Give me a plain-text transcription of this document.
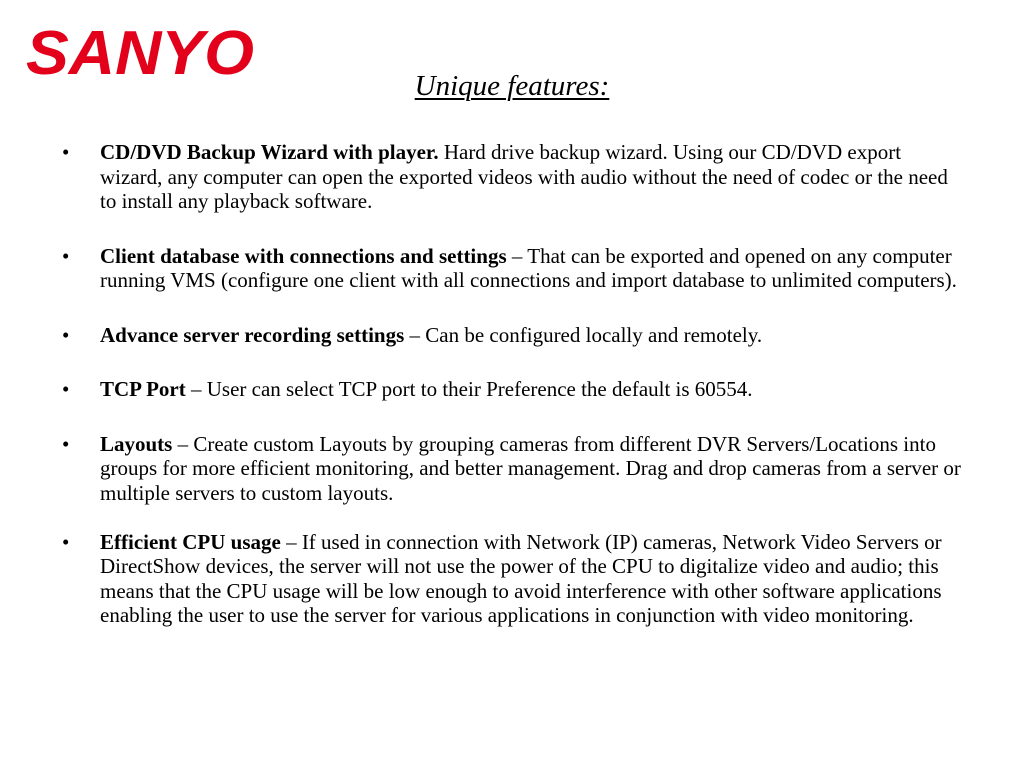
SANYO	Unique features:
• CD/DVD Backup Wizard with player. Hard drive backup wizard. Using our CD/DVD export wizard, any computer can open the exported videos with audio without the need of codec or the need to install any playback software.
• Client database with connections and settings – That can be exported and opened on any computer running VMS (configure one client with all connections and import database to unlimited computers).
• Advance server recording settings – Can be configured locally and remotely.
• TCP Port – User can select TCP port to their Preference the default is 60554.
• Layouts – Create custom Layouts by grouping cameras from different DVR Servers/Locations into groups for more efficient monitoring, and better management. Drag and drop cameras from a server or multiple servers to custom layouts.
• Efficient CPU usage – If used in connection with Network (IP) cameras, Network Video Servers or DirectShow devices, the server will not use the power of the CPU to digitalize video and audio; this means that the CPU usage will be low enough to avoid interference with other software applications enabling the user to use the server for various applications in conjunction with video monitoring.
